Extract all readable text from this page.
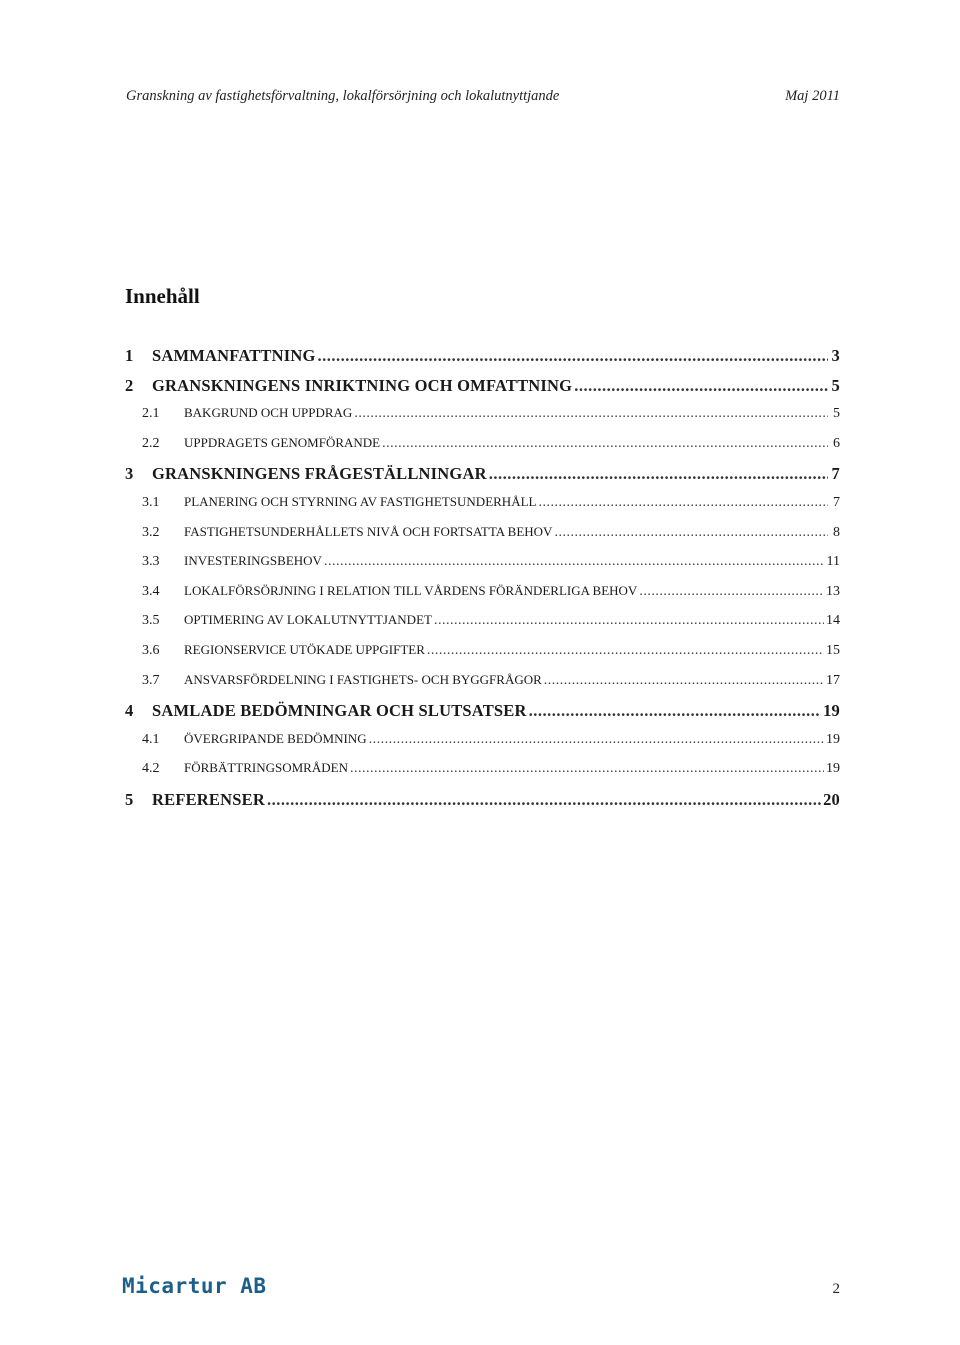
Granskning av fastighetsförvaltning, lokalförsörjning och lokalutnyttjande	Maj 2011
Innehåll
1	SAMMANFATTNING .....	3
2	GRANSKNINGENS INRIKTNING OCH OMFATTNING .....	5
2.1	BAKGRUND OCH UPPDRAG .....	5
2.2	UPPDRAGETS GENOMFÖRANDE .....	6
3	GRANSKNINGENS FRÅGESTÄLLNINGAR .....	7
3.1	PLANERING OCH STYRNING AV FASTIGHETSUNDERHÅLL .....	7
3.2	FASTIGHETSUNDERHÅLLETS NIVÅ OCH FORTSATTA BEHOV .....	8
3.3	INVESTERINGSBEHOV .....	11
3.4	LOKALFÖRSÖRJNING I RELATION TILL VÅRDENS FÖRÄNDERLIGA BEHOV .....	13
3.5	OPTIMERING AV LOKALUTNYTTJANDET .....	14
3.6	REGIONSERVICE UTÖKADE UPPGIFTER .....	15
3.7	ANSVARSFÖRDELNING I FASTIGHETS- OCH BYGGFRÅGOR .....	17
4	SAMLADE BEDÖMNINGAR OCH SLUTSATSER .....	19
4.1	ÖVERGRIPANDE BEDÖMNING .....	19
4.2	FÖRBÄTTRINGSOMRÅDEN .....	19
5	REFERENSER .....	20
Micartur AB	2
